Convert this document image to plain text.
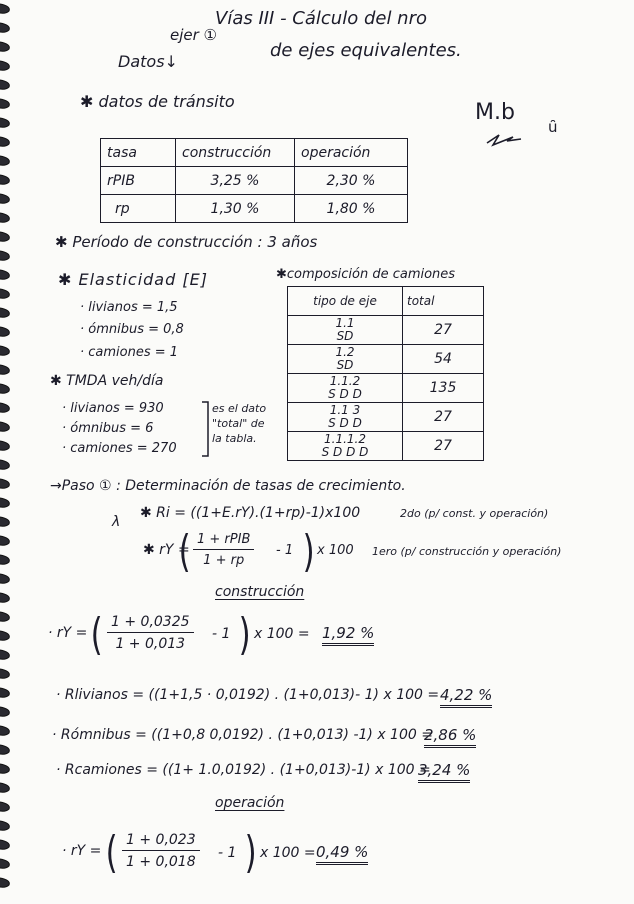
Vías III - Cálculo del nro
ejer ①
de ejes equivalentes.
Datos↓
M.b
ȗ
✱ datos de tránsito
tasa	construcción	operación
rPIB	3,25 %	2,30 %
rp	1,30 %	1,80 %
✱ Período de construcción : 3 años
✱ Elasticidad [E]
· livianos = 1,5
· ómnibus = 0,8
· camiones = 1
✱ TMDA veh/día
· livianos = 930
· ómnibus = 6
· camiones = 270
es el dato
"total" de
la tabla.
✱composición de camiones
tipo de eje	total

1.1
SD	27

1.2
SD	54

1.1.2
S D D	135

1.1 3
S D D	27

1.1.1.2
S D D D	27
→Paso ① : Determinación de tasas de crecimiento.
λ
✱ Ri = ((1+E.rY).(1+rp)-1)x100	2do (p/ const. y operación)
✱ rY =
( 1 + rPIB
1 + rp
- 1 ) x 100 1ero (p/ construcción y operación)
construcción
· rY = ( $\frac{1 + 0,0325}{1 + 0,013} - 1$ ) x 100 = 1,92 %
· Rlivianos = ((1+1,5 · 0,0192) . (1+0,013)- 1) x 100 = 4,22 %
· Rómnibus = ((1+0,8 0,0192) . (1+0,013) -1) x 100 =
2,86 %
· Rcamiones = ((1+ 1.0,0192) . (1+0,013)-1) x 100 =
3,24 %
operación
· rY = ( $\frac{1 + 0,023}{1 + 0,018} - 1$ ) x 100 = 0,49 %
